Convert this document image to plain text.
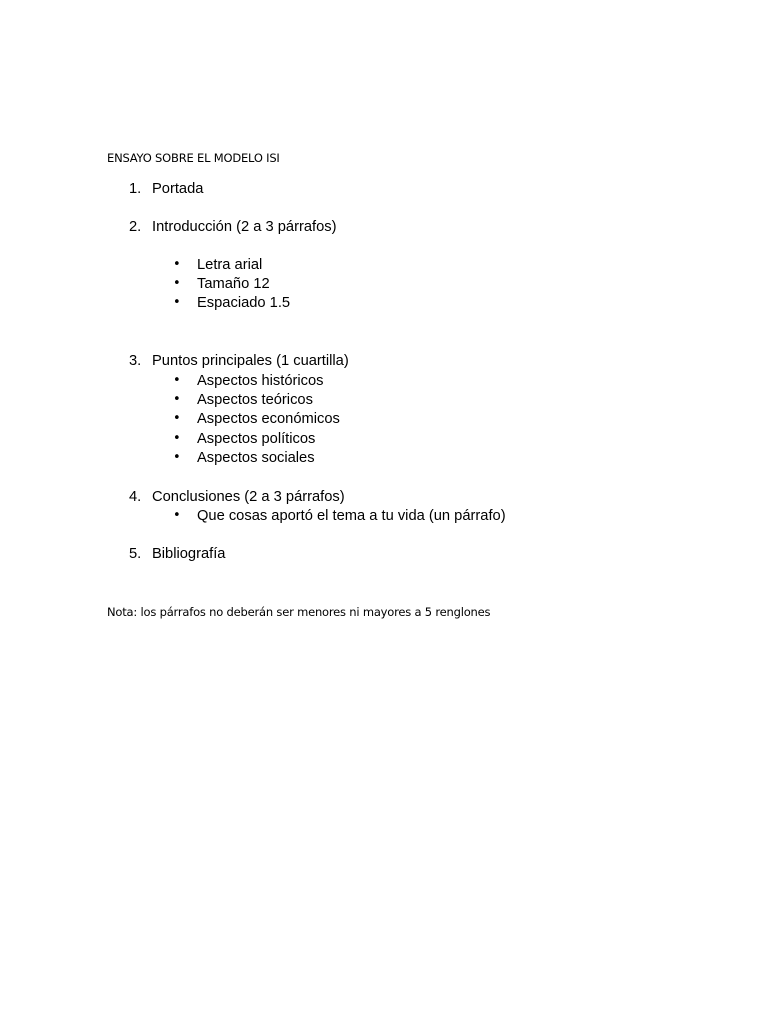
ENSAYO SOBRE EL MODELO ISI
1. Portada
2. Introducción (2 a 3 párrafos)
• Letra arial
• Tamaño 12
• Espaciado 1.5
3. Puntos principales (1 cuartilla)
• Aspectos históricos
• Aspectos teóricos
• Aspectos económicos
• Aspectos políticos
• Aspectos sociales
4. Conclusiones (2 a 3 párrafos)
• Que cosas aportó el tema a tu vida (un párrafo)
5. Bibliografía
Nota: los párrafos no deberán ser menores ni mayores a 5 renglones
